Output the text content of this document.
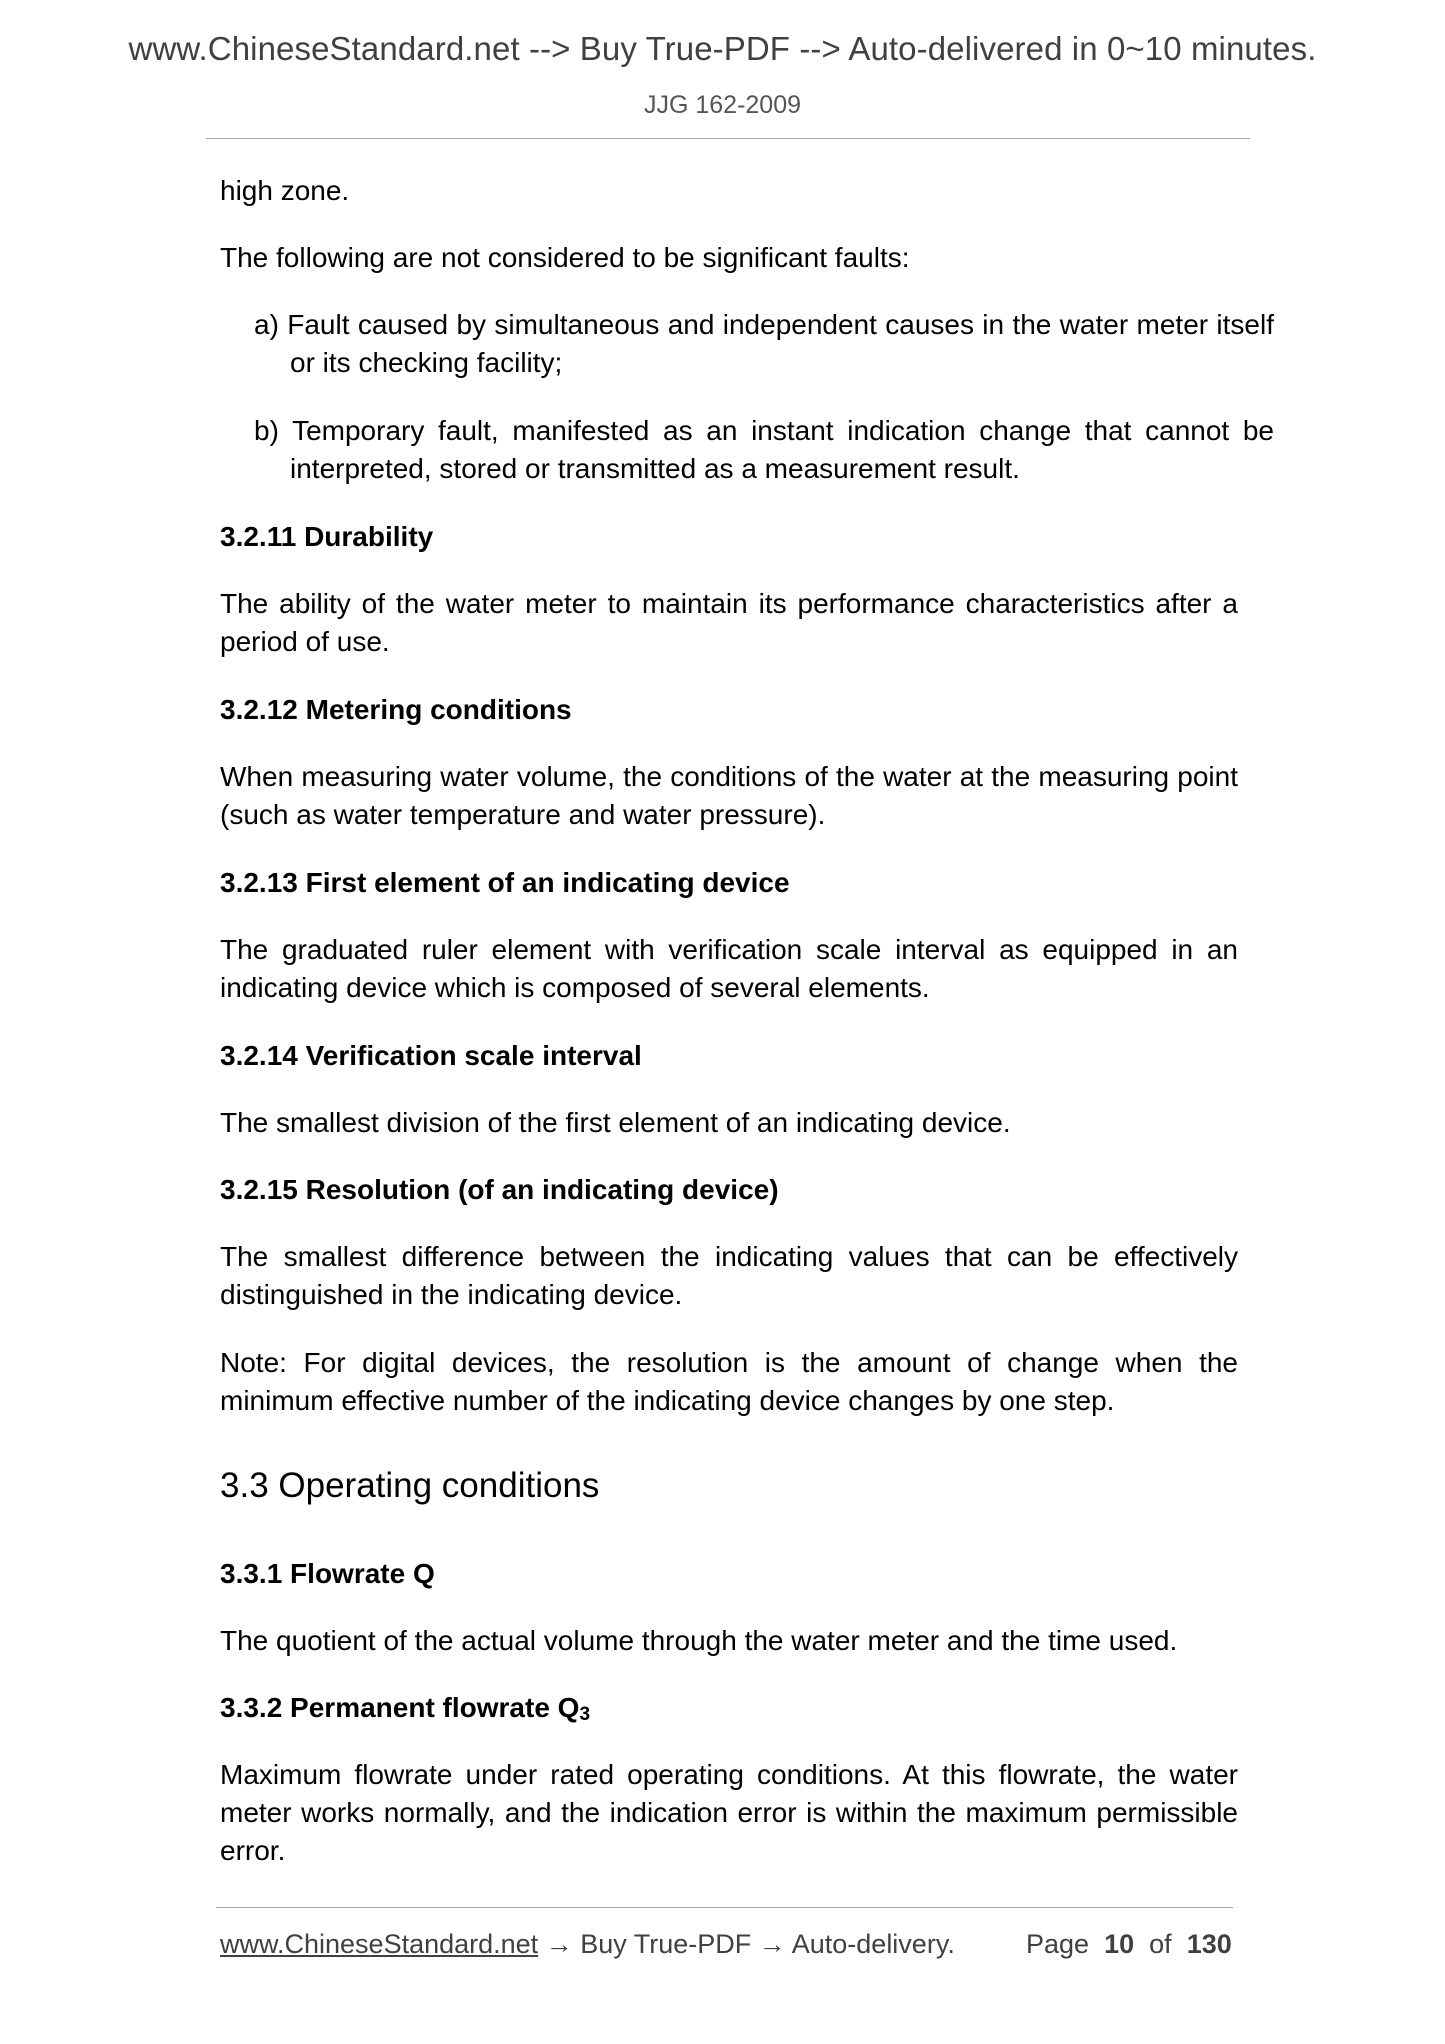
www.ChineseStandard.net --> Buy True-PDF --> Auto-delivered in 0~10 minutes.
JJG 162-2009

high zone.

The following are not considered to be significant faults:

a) Fault caused by simultaneous and independent causes in the water meter itself or its checking facility;

b) Temporary fault, manifested as an instant indication change that cannot be interpreted, stored or transmitted as a measurement result.

3.2.11 Durability

The ability of the water meter to maintain its performance characteristics after a period of use.

3.2.12 Metering conditions

When measuring water volume, the conditions of the water at the measuring point (such as water temperature and water pressure).

3.2.13 First element of an indicating device

The graduated ruler element with verification scale interval as equipped in an indicating device which is composed of several elements.

3.2.14 Verification scale interval

The smallest division of the first element of an indicating device.

3.2.15 Resolution (of an indicating device)

The smallest difference between the indicating values that can be effectively distinguished in the indicating device.

Note: For digital devices, the resolution is the amount of change when the minimum effective number of the indicating device changes by one step.

3.3 Operating conditions
3.3.1 Flowrate Q

The quotient of the actual volume through the water meter and the time used.

3.3.2 Permanent flowrate $Q_3$

Maximum flowrate under rated operating conditions. At this flowrate, the water meter works normally, and the indication error is within the maximum permissible error.

www.ChineseStandard.net → Buy True-PDF → Auto-delivery.	Page 10 of 130
